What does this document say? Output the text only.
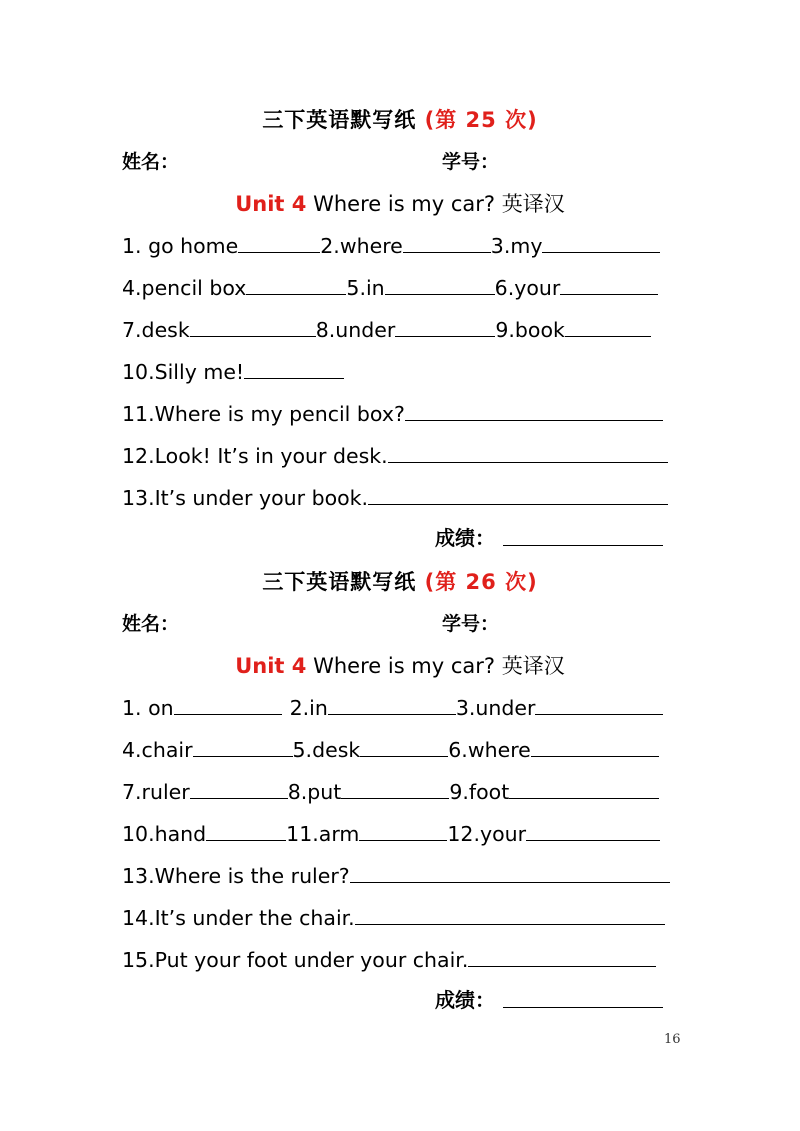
三下英语默写纸 (第 25 次)
姓名：	学号：
Unit 4 Where is my car? 英译汉
1. go home	2.where	3.my
4.pencil box	5.in	6.your
7.desk	8.under	9.book
10.Silly me!
11.Where is my pencil box?
12.Look! It’s in your desk.
13.It’s under your book.
成绩：
三下英语默写纸 (第 26 次)
姓名：	学号：
Unit 4 Where is my car? 英译汉
1. on	2.in	3.under
4.chair	5.desk	6.where
7.ruler	8.put	9.foot
10.hand	11.arm	12.your
13.Where is the ruler?
14.It’s under the chair.
15.Put your foot under your chair.
成绩：
16
